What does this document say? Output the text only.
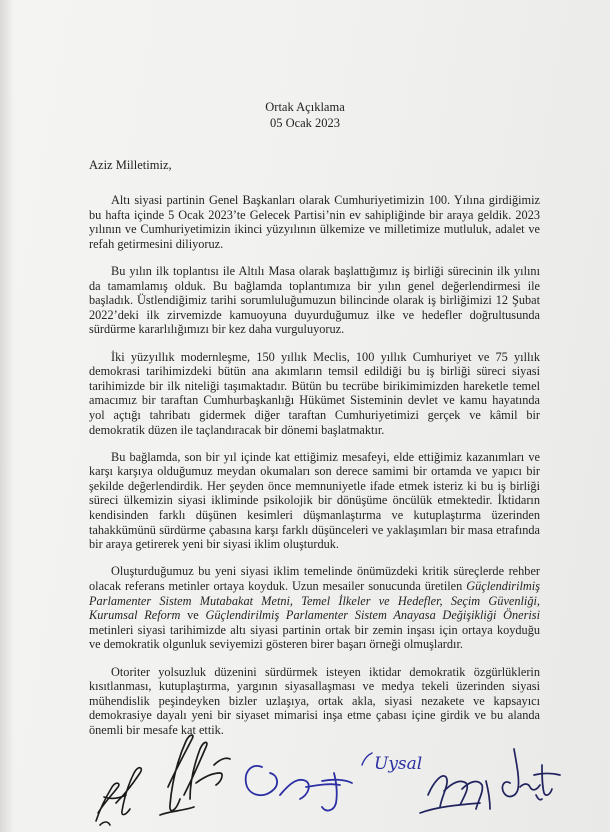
Ortak Açıklama
05 Ocak 2023
Aziz Milletimiz,

Altı siyasi partinin Genel Başkanları olarak Cumhuriyetimizin 100. Yılına girdiğimiz bu hafta içinde 5 Ocak 2023’te Gelecek Partisi’nin ev sahipliğinde bir araya geldik. 2023 yılının ve Cumhuriyetimizin ikinci yüzyılının ülkemize ve milletimize mutluluk, adalet ve refah getirmesini diliyoruz.

Bu yılın ilk toplantısı ile Altılı Masa olarak başlattığımız iş birliği sürecinin ilk yılını da tamamlamış olduk. Bu bağlamda toplantımıza bir yılın genel değerlendirmesi ile başladık. Üstlendiğimiz tarihi sorumluluğumuzun bilincinde olarak iş birliğimizi 12 Şubat 2022’deki ilk zirvemizde kamuoyuna duyurduğumuz ilke ve hedefler doğrultusunda sürdürme kararlılığımızı bir kez daha vurguluyoruz.

İki yüzyıllık modernleşme, 150 yıllık Meclis, 100 yıllık Cumhuriyet ve 75 yıllık demokrasi tarihimizdeki bütün ana akımların temsil edildiği bu iş birliği süreci siyasi tarihimizde bir ilk niteliği taşımaktadır. Bütün bu tecrübe birikimimizden hareketle temel amacımız bir taraftan Cumhurbaşkanlığı Hükümet Sisteminin devlet ve kamu hayatında yol açtığı tahribatı gidermek diğer taraftan Cumhuriyetimizi gerçek ve kâmil bir demokratik düzen ile taçlandıracak bir dönemi başlatmaktır.

Bu bağlamda, son bir yıl içinde kat ettiğimiz mesafeyi, elde ettiğimiz kazanımları ve karşı karşıya olduğumuz meydan okumaları son derece samimi bir ortamda ve yapıcı bir şekilde değerlendirdik. Her şeyden önce memnuniyetle ifade etmek isteriz ki bu iş birliği süreci ülkemizin siyasi ikliminde psikolojik bir dönüşüme öncülük etmektedir. İktidarın kendisinden farklı düşünen kesimleri düşmanlaştırma ve kutuplaştırma üzerinden tahakkümünü sürdürme çabasına karşı farklı düşünceleri ve yaklaşımları bir masa etrafında bir araya getirerek yeni bir siyasi iklim oluşturduk.

Oluşturduğumuz bu yeni siyasi iklim temelinde önümüzdeki kritik süreçlerde rehber olacak referans metinler ortaya koyduk. Uzun mesailer sonucunda üretilen Güçlendirilmiş Parlamenter Sistem Mutabakat Metni, Temel İlkeler ve Hedefler, Seçim Güvenliği, Kurumsal Reform ve Güçlendirilmiş Parlamenter Sistem Anayasa Değişikliği Önerisi metinleri siyasi tarihimizde altı siyasi partinin ortak bir zemin inşası için ortaya koyduğu ve demokratik olgunluk seviyemizi gösteren birer başarı örneği olmuşlardır.

Otoriter yolsuzluk düzenini sürdürmek isteyen iktidar demokratik özgürlüklerin kısıtlanması, kutuplaştırma, yargının siyasallaşması ve medya tekeli üzerinden siyasi mühendislik peşindeyken bizler uzlaşıya, ortak akla, siyasi nezakete ve kapsayıcı demokrasiye dayalı yeni bir siyaset mimarisi inşa etme çabası içine girdik ve bu alanda önemli bir mesafe kat ettik.

Uysal
